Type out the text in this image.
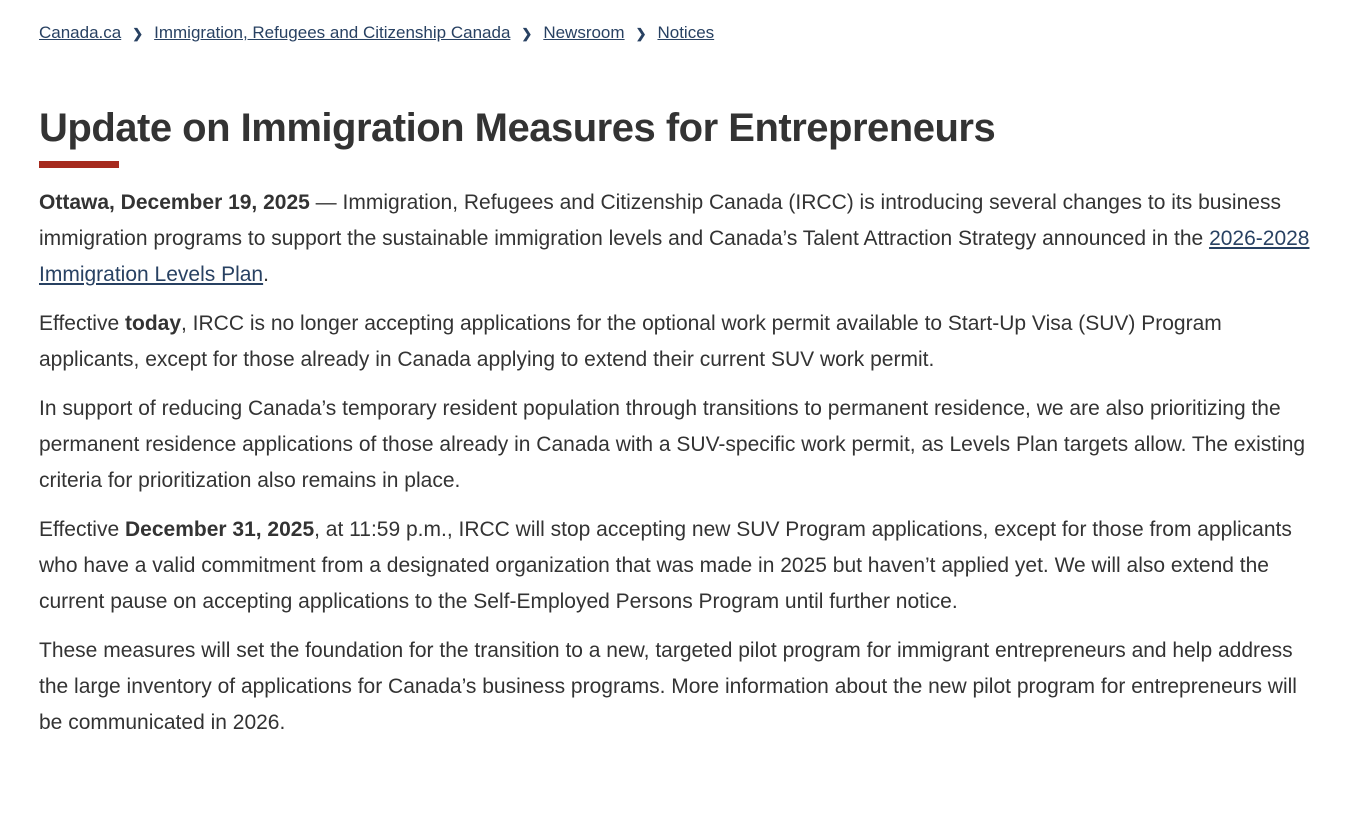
Canada.ca ❯ Immigration, Refugees and Citizenship Canada ❯ Newsroom ❯ Notices
Update on Immigration Measures for Entrepreneurs

Ottawa, December 19, 2025 — Immigration, Refugees and Citizenship Canada (IRCC) is introducing several changes to its business immigration programs to support the sustainable immigration levels and Canada’s Talent Attraction Strategy announced in the 2026-2028 Immigration Levels Plan.

Effective today, IRCC is no longer accepting applications for the optional work permit available to Start-Up Visa (SUV) Program applicants, except for those already in Canada applying to extend their current SUV work permit.

In support of reducing Canada’s temporary resident population through transitions to permanent residence, we are also prioritizing the permanent residence applications of those already in Canada with a SUV-specific work permit, as Levels Plan targets allow. The existing criteria for prioritization also remains in place.

Effective December 31, 2025, at 11:59 p.m., IRCC will stop accepting new SUV Program applications, except for those from applicants who have a valid commitment from a designated organization that was made in 2025 but haven’t applied yet. We will also extend the current pause on accepting applications to the Self-Employed Persons Program until further notice.

These measures will set the foundation for the transition to a new, targeted pilot program for immigrant entrepreneurs and help address the large inventory of applications for Canada’s business programs. More information about the new pilot program for entrepreneurs will be communicated in 2026.
